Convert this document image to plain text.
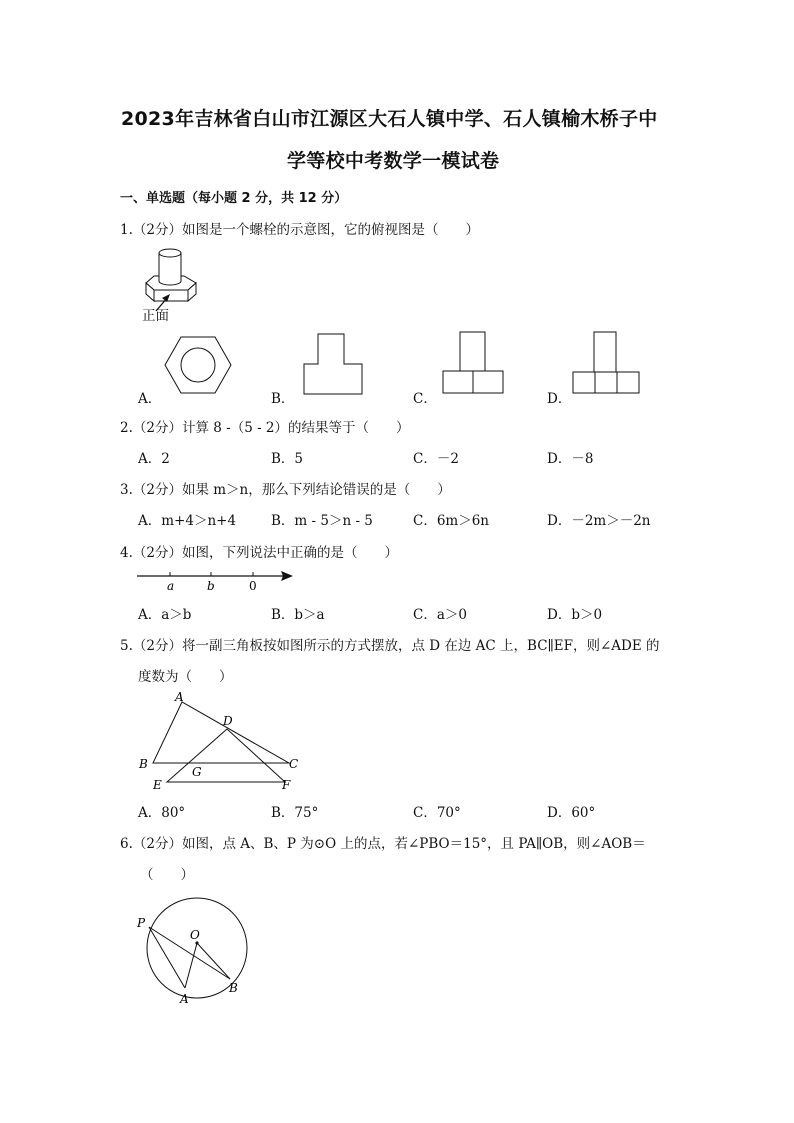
2023年吉林省白山市江源区大石人镇中学、石人镇榆木桥子中
学等校中考数学一模试卷
一、单选题（每小题 2 分，共 12 分）
1.（2分）如图是一个螺栓的示意图，它的俯视图是（　　）
正面
A．	B．	C．	D．
2.（2分）计算 8 -（5 - 2）的结果等于（　　）
A．2	B．5	C．－2	D．－8
3.（2分）如果 m＞n，那么下列结论错误的是（　　）
A．m+4＞n+4	B．m - 5＞n - 5	C．6m＞6n	D．－2m＞－2n
4.（2分）如图，下列说法中正确的是（　　）
a	b	0
A．a＞b	B．b＞a	C．a＞0	D．b＞0
5.（2分）将一副三角板按如图所示的方式摆放，点 D 在边 AC 上，BC∥EF，则∠ADE 的
度数为（　　）
A
D
B
G
C
E	F
A．80°	B．75°	C．70°	D．60°
6.（2分）如图，点 A、B、P 为⊙O 上的点，若∠PBO＝15°，且 PA∥OB，则∠AOB＝
（　　）
P
O
A
B
